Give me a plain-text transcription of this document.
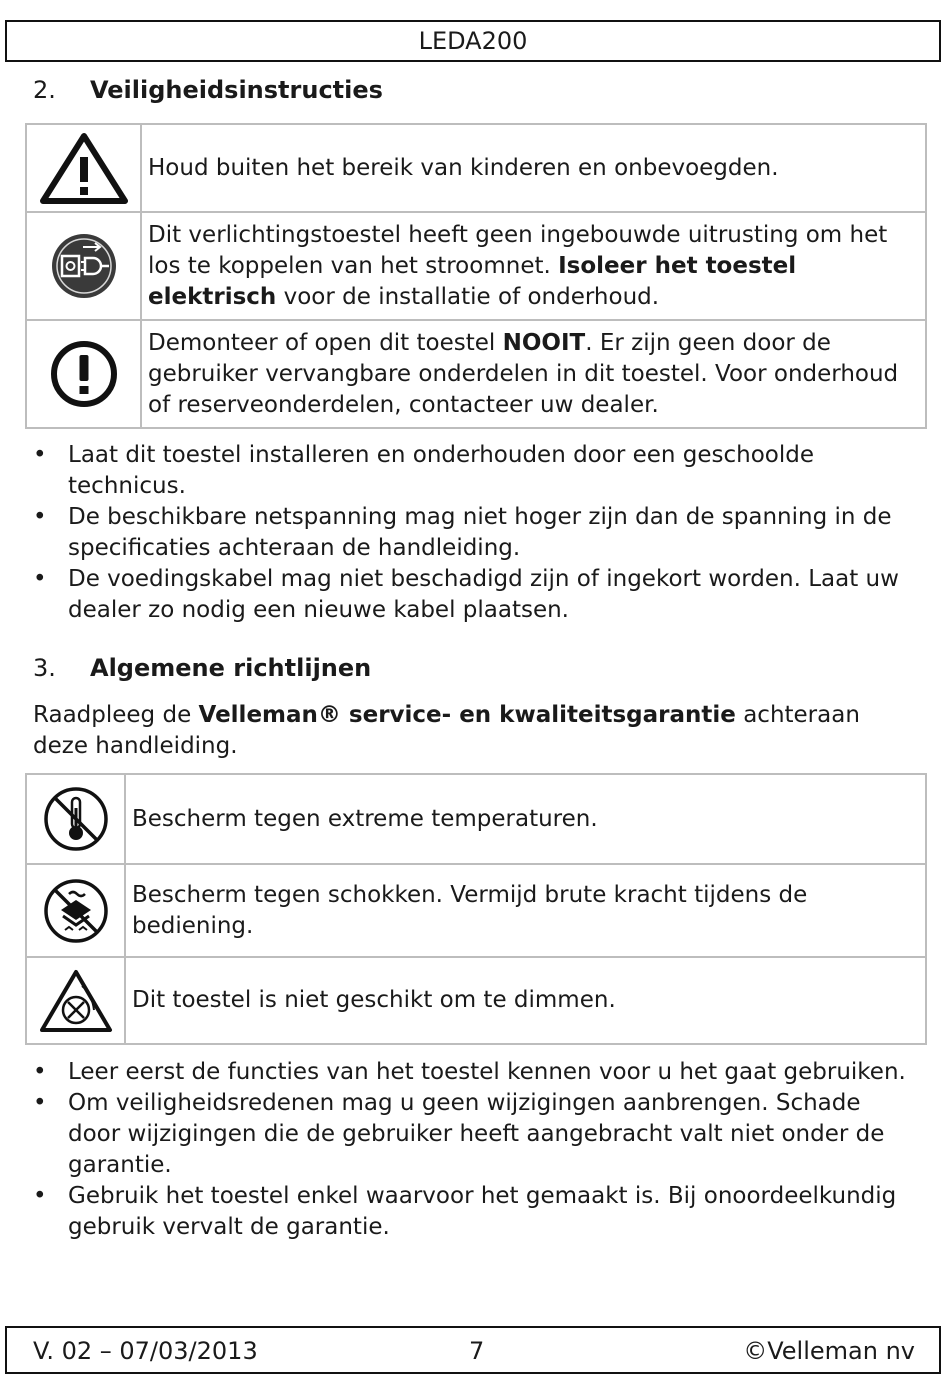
LEDA200
2. Veiligheidsinstructies
	Houd buiten het bereik van kinderen en onbevoegden.

	Dit verlichtingstoestel heeft geen ingebouwde uitrusting om het los te koppelen van het stroomnet. Isoleer het toestel elektrisch voor de installatie of onderhoud.

	Demonteer of open dit toestel NOOIT. Er zijn geen door de gebruiker vervangbare onderdelen in dit toestel. Voor onderhoud of reserveonderdelen, contacteer uw dealer.
• Laat dit toestel installeren en onderhouden door een geschoolde technicus.
• De beschikbare netspanning mag niet hoger zijn dan de spanning in de specificaties achteraan de handleiding.
• De voedingskabel mag niet beschadigd zijn of ingekort worden. Laat uw dealer zo nodig een nieuwe kabel plaatsen.
3. Algemene richtlijnen
Raadpleeg de Velleman® service- en kwaliteitsgarantie achteraan deze handleiding.
	Bescherm tegen extreme temperaturen.

	Bescherm tegen schokken. Vermijd brute kracht tijdens de bediening.

	Dit toestel is niet geschikt om te dimmen.
• Leer eerst de functies van het toestel kennen voor u het gaat gebruiken.
• Om veiligheidsredenen mag u geen wijzigingen aanbrengen. Schade door wijzigingen die de gebruiker heeft aangebracht valt niet onder de garantie.
• Gebruik het toestel enkel waarvoor het gemaakt is. Bij onoordeelkundig gebruik vervalt de garantie.
V. 02 – 07/03/2013	7	©Velleman nv
